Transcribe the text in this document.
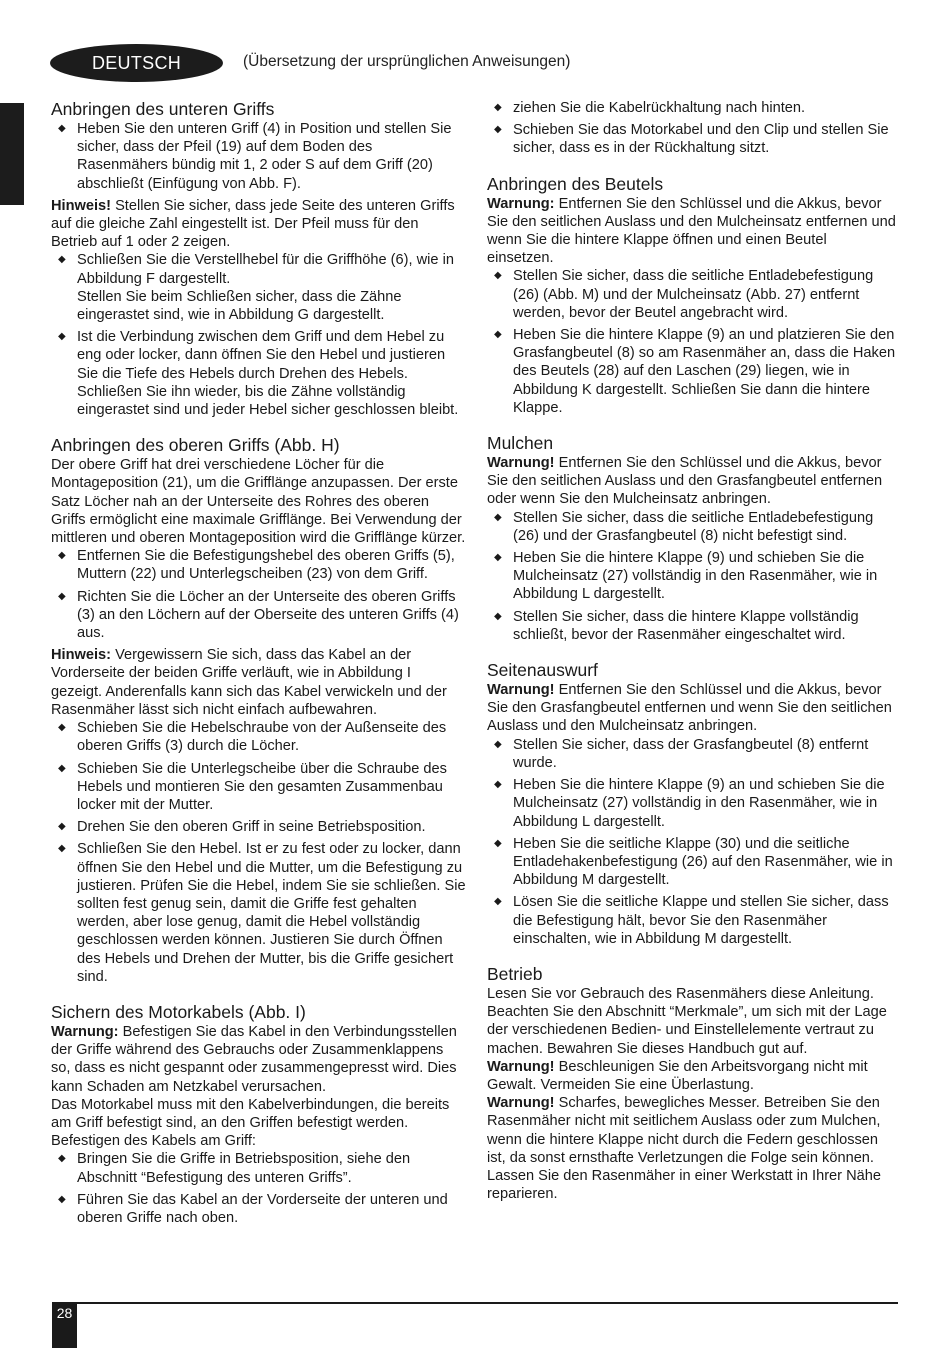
DEUTSCH	(Übersetzung der ursprünglichen Anweisungen)
Anbringen des unteren Griffs
◆ Heben Sie den unteren Griff (4) in Position und stellen Sie sicher, dass der Pfeil (19) auf dem Boden des Rasenmähers bündig mit 1, 2 oder S auf dem Griff (20) abschließt (Einfügung von Abb. F).

Hinweis! Stellen Sie sicher, dass jede Seite des unteren Griffs auf die gleiche Zahl eingestellt ist. Der Pfeil muss für den Betrieb auf 1 oder 2 zeigen.

◆ Schließen Sie die Verstellhebel für die Griffhöhe (6), wie in Abbildung F dargestellt.
Stellen Sie beim Schließen sicher, dass die Zähne eingerastet sind, wie in Abbildung G dargestellt.
◆ Ist die Verbindung zwischen dem Griff und dem Hebel zu eng oder locker, dann öffnen Sie den Hebel und justieren Sie die Tiefe des Hebels durch Drehen des Hebels. Schließen Sie ihn wieder, bis die Zähne vollständig eingerastet sind und jeder Hebel sicher geschlossen bleibt.
Anbringen des oberen Griffs (Abb. H)

Der obere Griff hat drei verschiedene Löcher für die Montageposition (21), um die Grifflänge anzupassen. Der erste Satz Löcher nah an der Unterseite des Rohres des oberen Griffs ermöglicht eine maximale Grifflänge. Bei Verwendung der mittleren und oberen Montageposition wird die Grifflänge kürzer.

◆ Entfernen Sie die Befestigungshebel des oberen Griffs (5), Muttern (22) und Unterlegscheiben (23) von dem Griff.
◆ Richten Sie die Löcher an der Unterseite des oberen Griffs (3) an den Löchern auf der Oberseite des unteren Griffs (4) aus.

Hinweis: Vergewissern Sie sich, dass das Kabel an der Vorderseite der beiden Griffe verläuft, wie in Abbildung I gezeigt. Anderenfalls kann sich das Kabel verwickeln und der Rasenmäher lässt sich nicht einfach aufbewahren.

◆ Schieben Sie die Hebelschraube von der Außenseite des oberen Griffs (3) durch die Löcher.
◆ Schieben Sie die Unterlegscheibe über die Schraube des Hebels und montieren Sie den gesamten Zusammenbau locker mit der Mutter.
◆ Drehen Sie den oberen Griff in seine Betriebsposition.
◆ Schließen Sie den Hebel. Ist er zu fest oder zu locker, dann öffnen Sie den Hebel und die Mutter, um die Befestigung zu justieren. Prüfen Sie die Hebel, indem Sie sie schließen. Sie sollten fest genug sein, damit die Griffe fest gehalten werden, aber lose genug, damit die Hebel vollständig geschlossen werden können. Justieren Sie durch Öffnen des Hebels und Drehen der Mutter, bis die Griffe gesichert sind.
Sichern des Motorkabels (Abb. I)

Warnung: Befestigen Sie das Kabel in den Verbindungsstellen der Griffe während des Gebrauchs oder Zusammenklappens so, dass es nicht gespannt oder zusammengepresst wird. Dies kann Schaden am Netzkabel verursachen.

Das Motorkabel muss mit den Kabelverbindungen, die bereits am Griff befestigt sind, an den Griffen befestigt werden.

Befestigen des Kabels am Griff:

◆ Bringen Sie die Griffe in Betriebsposition, siehe den Abschnitt “Befestigung des unteren Griffs”.
◆ Führen Sie das Kabel an der Vorderseite der unteren und oberen Griffe nach oben.
◆ ziehen Sie die Kabelrückhaltung nach hinten.
◆ Schieben Sie das Motorkabel und den Clip und stellen Sie sicher, dass es in der Rückhaltung sitzt.
Anbringen des Beutels

Warnung: Entfernen Sie den Schlüssel und die Akkus, bevor Sie den seitlichen Auslass und den Mulcheinsatz entfernen und wenn Sie die hintere Klappe öffnen und einen Beutel einsetzen.

◆ Stellen Sie sicher, dass die seitliche Entladebefestigung (26) (Abb. M) und der Mulcheinsatz (Abb. 27) entfernt werden, bevor der Beutel angebracht wird.
◆ Heben Sie die hintere Klappe (9) an und platzieren Sie den Grasfangbeutel (8) so am Rasenmäher an, dass die Haken des Beutels (28) auf den Laschen (29) liegen, wie in Abbildung K dargestellt. Schließen Sie dann die hintere Klappe.
Mulchen

Warnung! Entfernen Sie den Schlüssel und die Akkus, bevor Sie den seitlichen Auslass und den Grasfangbeutel entfernen oder wenn Sie den Mulcheinsatz anbringen.

◆ Stellen Sie sicher, dass die seitliche Entladebefestigung (26) und der Grasfangbeutel (8) nicht befestigt sind.
◆ Heben Sie die hintere Klappe (9) und schieben Sie die Mulcheinsatz (27) vollständig in den Rasenmäher, wie in Abbildung L dargestellt.
◆ Stellen Sie sicher, dass die hintere Klappe vollständig schließt, bevor der Rasenmäher eingeschaltet wird.
Seitenauswurf

Warnung! Entfernen Sie den Schlüssel und die Akkus, bevor Sie den Grasfangbeutel entfernen und wenn Sie den seitlichen Auslass und den Mulcheinsatz anbringen.

◆ Stellen Sie sicher, dass der Grasfangbeutel (8) entfernt wurde.
◆ Heben Sie die hintere Klappe (9) an und schieben Sie die Mulcheinsatz (27) vollständig in den Rasenmäher, wie in Abbildung L dargestellt.
◆ Heben Sie die seitliche Klappe (30) und die seitliche Entladehakenbefestigung (26) auf den Rasenmäher, wie in Abbildung M dargestellt.
◆ Lösen Sie die seitliche Klappe und stellen Sie sicher, dass die Befestigung hält, bevor Sie den Rasenmäher einschalten, wie in Abbildung M dargestellt.
Betrieb

Lesen Sie vor Gebrauch des Rasenmähers diese Anleitung. Beachten Sie den Abschnitt “Merkmale”, um sich mit der Lage der verschiedenen Bedien- und Einstellelemente vertraut zu machen. Bewahren Sie dieses Handbuch gut auf.

Warnung! Beschleunigen Sie den Arbeitsvorgang nicht mit Gewalt. Vermeiden Sie eine Überlastung.

Warnung! Scharfes, bewegliches Messer. Betreiben Sie den Rasenmäher nicht mit seitlichem Auslass oder zum Mulchen, wenn die hintere Klappe nicht durch die Federn geschlossen ist, da sonst ernsthafte Verletzungen die Folge sein können. Lassen Sie den Rasenmäher in einer Werkstatt in Ihrer Nähe reparieren.

28
